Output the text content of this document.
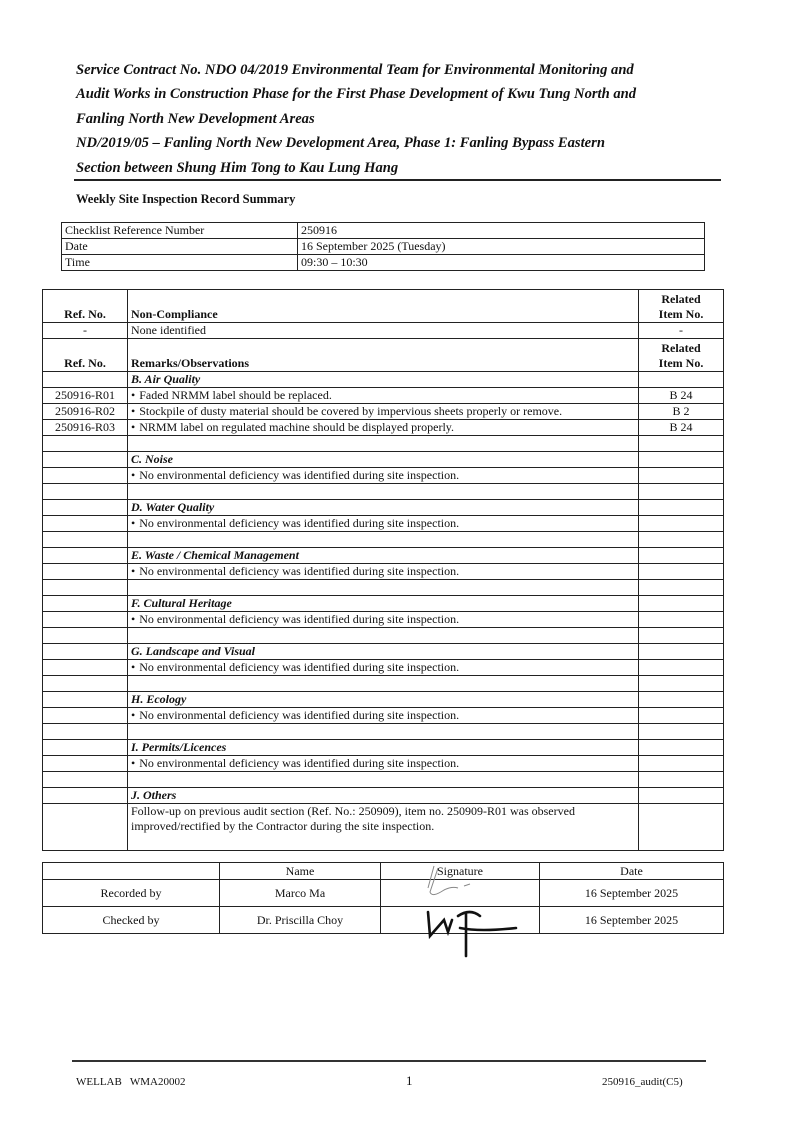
Service Contract No. NDO 04/2019 Environmental Team for Environmental Monitoring and
Audit Works in Construction Phase for the First Phase Development of Kwu Tung North and
Fanling North New Development Areas
ND/2019/05 – Fanling North New Development Area, Phase 1: Fanling Bypass Eastern
Section between Shung Him Tong to Kau Lung Hang
Weekly Site Inspection Record Summary
Checklist Reference Number	250916
Date	16 September 2025 (Tuesday)
Time	09:30 – 10:30
Ref. No.	Non-Compliance	Related
Item No.
-	None identified	-
Ref. No.	Remarks/Observations	Related
Item No.
	B. Air Quality	
250916-R01	•Faded NRMM label should be replaced.	B 24
250916-R02	•Stockpile of dusty material should be covered by impervious sheets properly or remove.	B 2
250916-R03	•NRMM label on regulated machine should be displayed properly.	B 24

	C. Noise	
	• No environmental deficiency was identified during site inspection.	

	D. Water Quality	
	• No environmental deficiency was identified during site inspection.	

	E. Waste / Chemical Management	
	• No environmental deficiency was identified during site inspection.	

	F. Cultural Heritage	
	• No environmental deficiency was identified during site inspection.	

	G. Landscape and Visual	
	• No environmental deficiency was identified during site inspection.	

	H. Ecology	
	• No environmental deficiency was identified during site inspection.	

	I. Permits/Licences	
	• No environmental deficiency was identified during site inspection.	

	J. Others	
	Follow-up on previous audit section (Ref. No.: 250909), item no. 250909-R01 was observed improved/rectified by the Contractor during the site inspection.	
	Name	Signature	Date
Recorded by	Marco Ma		16 September 2025
Checked by	Dr. Priscilla Choy		16 September 2025
WELLAB   WMA20002	1	250916_audit(C5)
